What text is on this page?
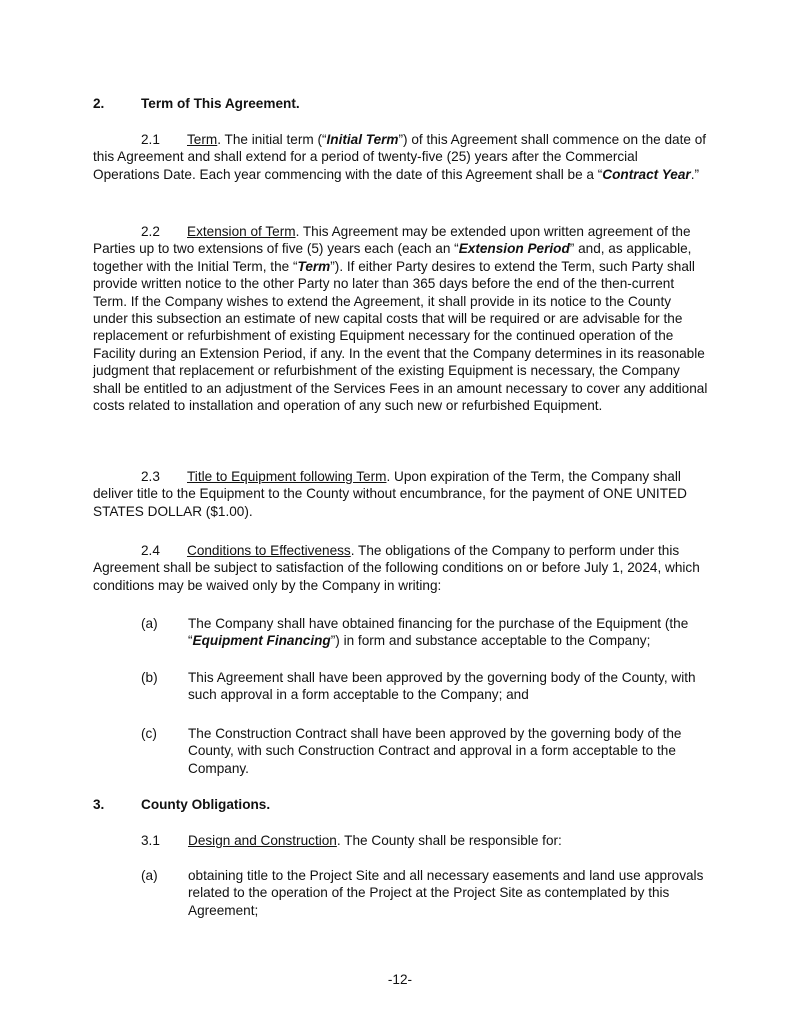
2.	Term of This Agreement.

2.1 Term. The initial term (“Initial Term”) of this Agreement shall commence on the date of this Agreement and shall extend for a period of twenty-five (25) years after the Commercial Operations Date. Each year commencing with the date of this Agreement shall be a “Contract Year.”

2.2 Extension of Term. This Agreement may be extended upon written agreement of the Parties up to two extensions of five (5) years each (each an “Extension Period” and, as applicable, together with the Initial Term, the “Term”). If either Party desires to extend the Term, such Party shall provide written notice to the other Party no later than 365 days before the end of the then-current Term. If the Company wishes to extend the Agreement, it shall provide in its notice to the County under this subsection an estimate of new capital costs that will be required or are advisable for the replacement or refurbishment of existing Equipment necessary for the continued operation of the Facility during an Extension Period, if any. In the event that the Company determines in its reasonable judgment that replacement or refurbishment of the existing Equipment is necessary, the Company shall be entitled to an adjustment of the Services Fees in an amount necessary to cover any additional costs related to installation and operation of any such new or refurbished Equipment.

2.3 Title to Equipment following Term. Upon expiration of the Term, the Company shall deliver title to the Equipment to the County without encumbrance, for the payment of ONE UNITED STATES DOLLAR ($1.00).

2.4 Conditions to Effectiveness. The obligations of the Company to perform under this Agreement shall be subject to satisfaction of the following conditions on or before July 1, 2024, which conditions may be waived only by the Company in writing:

(a) The Company shall have obtained financing for the purchase of the Equipment (the “Equipment Financing”) in form and substance acceptable to the Company;
(b) This Agreement shall have been approved by the governing body of the County, with such approval in a form acceptable to the Company; and
(c) The Construction Contract shall have been approved by the governing body of the County, with such Construction Contract and approval in a form acceptable to the Company.
3.	County Obligations.
3.1 Design and Construction. The County shall be responsible for:
(a) obtaining title to the Project Site and all necessary easements and land use approvals related to the operation of the Project at the Project Site as contemplated by this Agreement;
-12-
